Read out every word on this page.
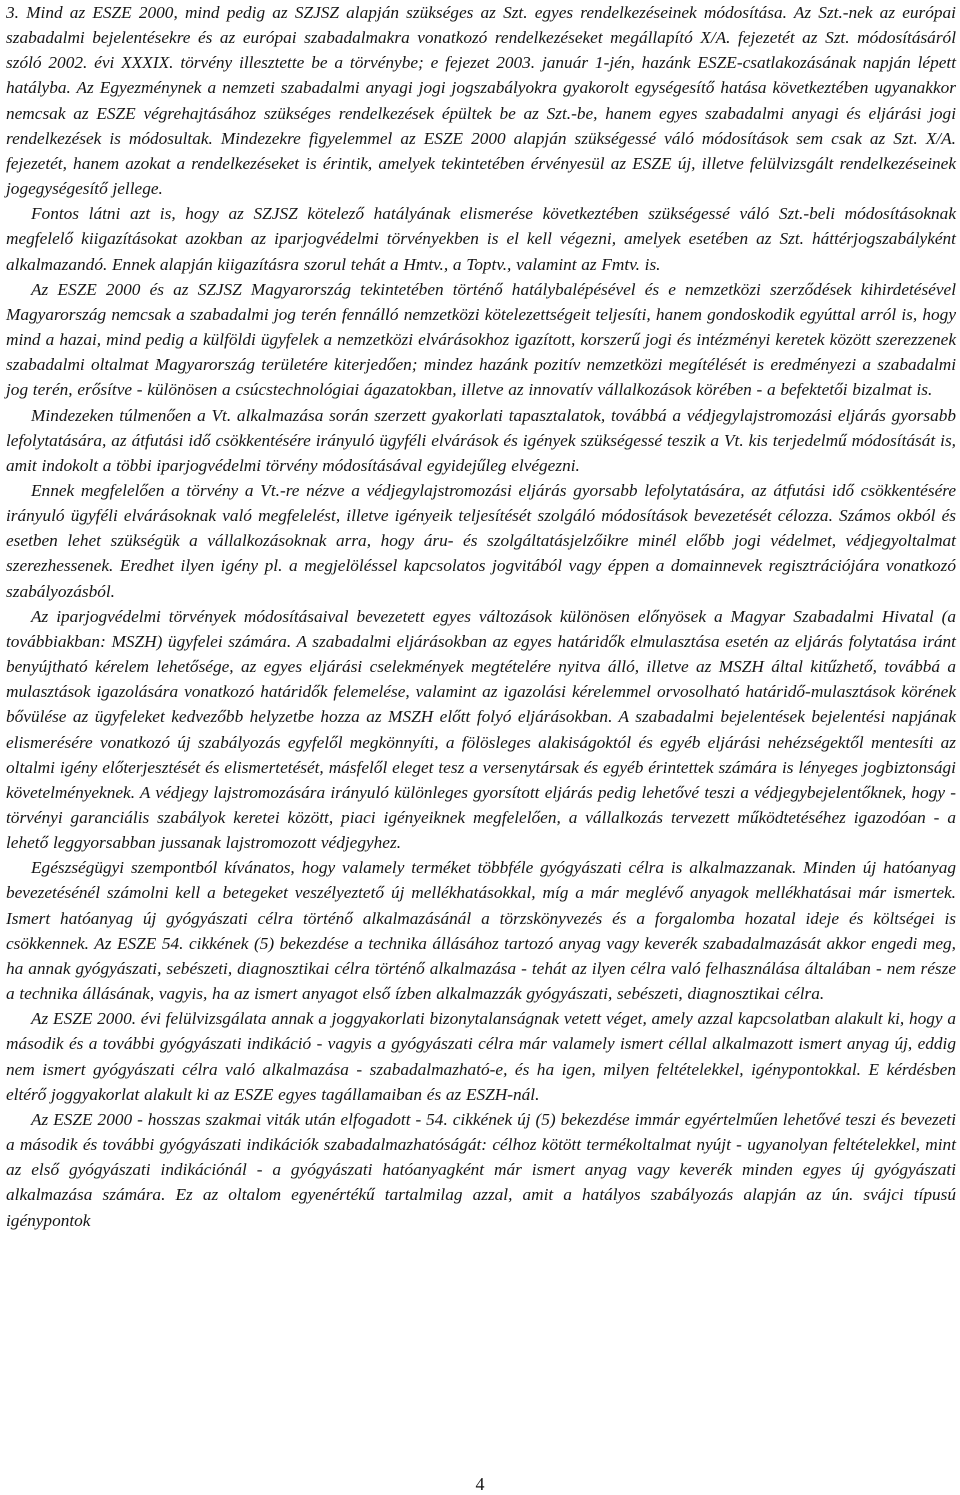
3. Mind az ESZE 2000, mind pedig az SZJSZ alapján szükséges az Szt. egyes rendelkezéseinek módosítása. Az Szt.-nek az európai szabadalmi bejelentésekre és az európai szabadalmakra vonatkozó rendelkezéseket megállapító X/A. fejezetét az Szt. módosításáról szóló 2002. évi XXXIX. törvény illesztette be a törvénybe; e fejezet 2003. január 1-jén, hazánk ESZE-csatlakozásának napján lépett hatályba. Az Egyezménynek a nemzeti szabadalmi anyagi jogi jogszabályokra gyakorolt egységesítő hatása következtében ugyanakkor nemcsak az ESZE végrehajtásához szükséges rendelkezések épültek be az Szt.-be, hanem egyes szabadalmi anyagi és eljárási jogi rendelkezések is módosultak. Mindezekre figyelemmel az ESZE 2000 alapján szükségessé váló módosítások sem csak az Szt. X/A. fejezetét, hanem azokat a rendelkezéseket is érintik, amelyek tekintetében érvényesül az ESZE új, illetve felülvizsgált rendelkezéseinek jogegységesítő jellege.

Fontos látni azt is, hogy az SZJSZ kötelező hatályának elismerése következtében szükségessé váló Szt.-beli módosításoknak megfelelő kiigazításokat azokban az iparjogvédelmi törvényekben is el kell végezni, amelyek esetében az Szt. háttérjogszabályként alkalmazandó. Ennek alapján kiigazításra szorul tehát a Hmtv., a Toptv., valamint az Fmtv. is.

Az ESZE 2000 és az SZJSZ Magyarország tekintetében történő hatálybalépésével és e nemzetközi szerződések kihirdetésével Magyarország nemcsak a szabadalmi jog terén fennálló nemzetközi kötelezettségeit teljesíti, hanem gondoskodik egyúttal arról is, hogy mind a hazai, mind pedig a külföldi ügyfelek a nemzetközi elvárásokhoz igazított, korszerű jogi és intézményi keretek között szerezzenek szabadalmi oltalmat Magyarország területére kiterjedően; mindez hazánk pozitív nemzetközi megítélését is eredményezi a szabadalmi jog terén, erősítve - különösen a csúcstechnológiai ágazatokban, illetve az innovatív vállalkozások körében - a befektetői bizalmat is.

Mindezeken túlmenően a Vt. alkalmazása során szerzett gyakorlati tapasztalatok, továbbá a védjegylajstromozási eljárás gyorsabb lefolytatására, az átfutási idő csökkentésére irányuló ügyféli elvárások és igények szükségessé teszik a Vt. kis terjedelmű módosítását is, amit indokolt a többi iparjogvédelmi törvény módosításával egyidejűleg elvégezni.

Ennek megfelelően a törvény a Vt.-re nézve a védjegylajstromozási eljárás gyorsabb lefolytatására, az átfutási idő csökkentésére irányuló ügyféli elvárásoknak való megfelelést, illetve igényeik teljesítését szolgáló módosítások bevezetését célozza. Számos okból és esetben lehet szükségük a vállalkozásoknak arra, hogy áru- és szolgáltatásjelzőikre minél előbb jogi védelmet, védjegyoltalmat szerezhessenek. Eredhet ilyen igény pl. a megjelöléssel kapcsolatos jogvitából vagy éppen a domainnevek regisztrációjára vonatkozó szabályozásból.

Az iparjogvédelmi törvények módosításaival bevezetett egyes változások különösen előnyösek a Magyar Szabadalmi Hivatal (a továbbiakban: MSZH) ügyfelei számára. A szabadalmi eljárásokban az egyes határidők elmulasztása esetén az eljárás folytatása iránt benyújtható kérelem lehetősége, az egyes eljárási cselekmények megtételére nyitva álló, illetve az MSZH által kitűzhető, továbbá a mulasztások igazolására vonatkozó határidők felemelése, valamint az igazolási kérelemmel orvosolható határidő-mulasztások körének bővülése az ügyfeleket kedvezőbb helyzetbe hozza az MSZH előtt folyó eljárásokban. A szabadalmi bejelentések bejelentési napjának elismerésére vonatkozó új szabályozás egyfelől megkönnyíti, a fölösleges alakiságoktól és egyéb eljárási nehézségektől mentesíti az oltalmi igény előterjesztését és elismertetését, másfelől eleget tesz a versenytársak és egyéb érintettek számára is lényeges jogbiztonsági követelményeknek. A védjegy lajstromozására irányuló különleges gyorsított eljárás pedig lehetővé teszi a védjegybejelentőknek, hogy - törvényi garanciális szabályok keretei között, piaci igényeiknek megfelelően, a vállalkozás tervezett működtetéséhez igazodóan - a lehető leggyorsabban jussanak lajstromozott védjegyhez.

Egészségügyi szempontból kívánatos, hogy valamely terméket többféle gyógyászati célra is alkalmazzanak. Minden új hatóanyag bevezetésénél számolni kell a betegeket veszélyeztető új mellékhatásokkal, míg a már meglévő anyagok mellékhatásai már ismertek. Ismert hatóanyag új gyógyászati célra történő alkalmazásánál a törzskönyvezés és a forgalomba hozatal ideje és költségei is csökkennek. Az ESZE 54. cikkének (5) bekezdése a technika állásához tartozó anyag vagy keverék szabadalmazását akkor engedi meg, ha annak gyógyászati, sebészeti, diagnosztikai célra történő alkalmazása - tehát az ilyen célra való felhasználása általában - nem része a technika állásának, vagyis, ha az ismert anyagot első ízben alkalmazzák gyógyászati, sebészeti, diagnosztikai célra.

Az ESZE 2000. évi felülvizsgálata annak a joggyakorlati bizonytalanságnak vetett véget, amely azzal kapcsolatban alakult ki, hogy a második és a további gyógyászati indikáció - vagyis a gyógyászati célra már valamely ismert céllal alkalmazott ismert anyag új, eddig nem ismert gyógyászati célra való alkalmazása - szabadalmazható-e, és ha igen, milyen feltételekkel, igénypontokkal. E kérdésben eltérő joggyakorlat alakult ki az ESZE egyes tagállamaiban és az ESZH-nál.

Az ESZE 2000 - hosszas szakmai viták után elfogadott - 54. cikkének új (5) bekezdése immár egyértelműen lehetővé teszi és bevezeti a második és további gyógyászati indikációk szabadalmazhatóságát: célhoz kötött termékoltalmat nyújt - ugyanolyan feltételekkel, mint az első gyógyászati indikációnál - a gyógyászati hatóanyagként már ismert anyag vagy keverék minden egyes új gyógyászati alkalmazása számára. Ez az oltalom egyenértékű tartalmilag azzal, amit a hatályos szabályozás alapján az ún. svájci típusú igénypontok

4
